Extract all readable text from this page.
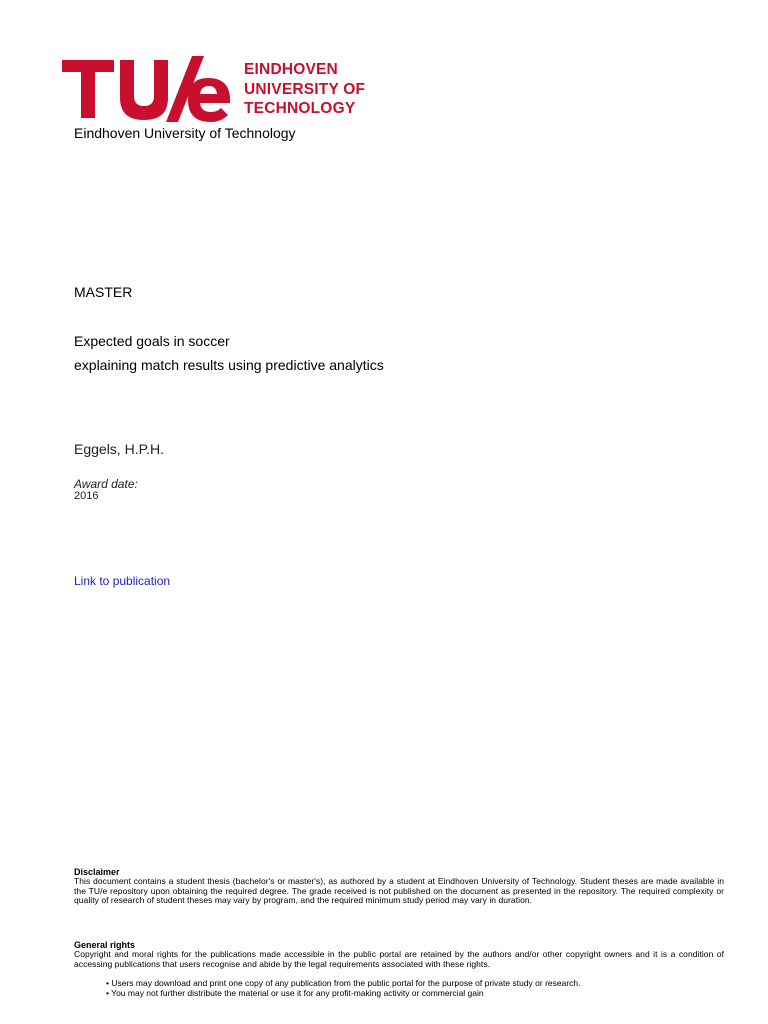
EINDHOVEN
UNIVERSITY OF
TECHNOLOGY
Eindhoven University of Technology
MASTER
Expected goals in soccer
explaining match results using predictive analytics
Eggels, H.P.H.
Award date:
2016
Link to publication
Disclaimer
This document contains a student thesis (bachelor's or master's), as authored by a student at Eindhoven University of Technology. Student theses are made available in the TU/e repository upon obtaining the required degree. The grade received is not published on the document as presented in the repository. The required complexity or quality of research of student theses may vary by program, and the required minimum study period may vary in duration.
General rights
Copyright and moral rights for the publications made accessible in the public portal are retained by the authors and/or other copyright owners and it is a condition of accessing publications that users recognise and abide by the legal requirements associated with these rights.
• Users may download and print one copy of any publication from the public portal for the purpose of private study or research.
• You may not further distribute the material or use it for any profit-making activity or commercial gain
